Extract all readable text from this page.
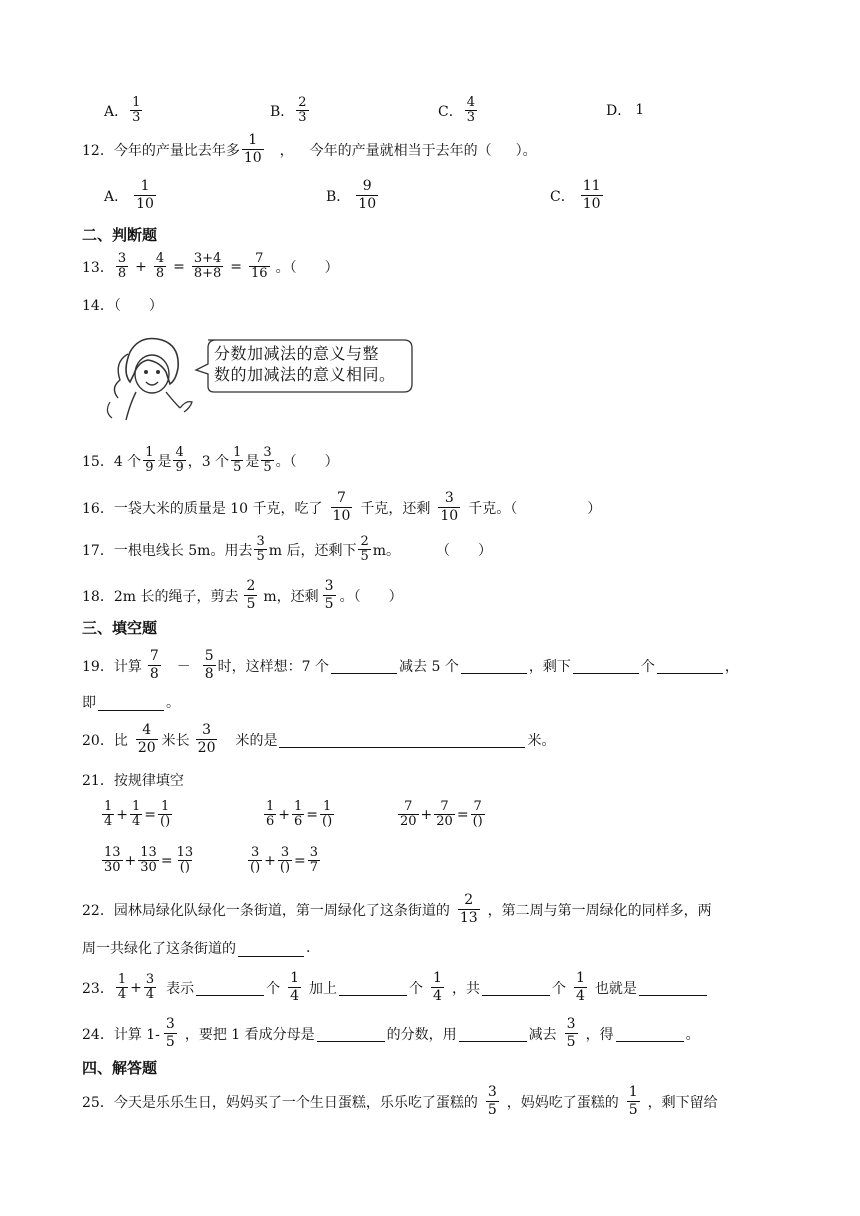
A． $\frac{1}{3}$	B． $\frac{2}{3}$	C． $\frac{4}{3}$	D． 1
12． 今年的产量比去年多 $\frac{1}{10}$ ， 今年的产量就相当于去年的（ ）。
A． $\frac{1}{10}$	B． $\frac{9}{10}$	C． $\frac{11}{10}$
二、判断题
13． $\frac{3}{8} + \frac{4}{8} = \frac{3+4}{8+8} = \frac{7}{16}$ 。（　　）
14．（　　）
分数加减法的意义与整
数的加减法的意义相同。
15． 4 个 $\frac{1}{9}$ 是 $\frac{4}{9}$ ，3 个 $\frac{1}{5}$ 是 $\frac{3}{5}$ 。（　　）
16． 一袋大米的质量是 10 千克，吃了 $\frac{7}{10}$ 千克，还剩 $\frac{3}{10}$ 千克。（　　　　　）
17． 一根电线长 5m。用去 $\frac{3}{5}$ m 后，还剩下 $\frac{2}{5}$ m。	（　　）
18． 2m 长的绳子，剪去 $\frac{2}{5}$ m，还剩 $\frac{3}{5}$ 。（　　）
三、填空题
19． 计算 $\frac{7}{8} - \frac{5}{8}$ 时，这样想：7 个	减去 5 个	，剩下	个	，
即	。
20． 比 $\frac{4}{20}$ 米长 $\frac{3}{20}$ 米的是	米。
21． 按规律填空
$\frac{1}{4} + \frac{1}{4} = 1$
()	$\frac{1}{6} + \frac{1}{6} = 1$
()	$\frac{7}{20} + \frac{7}{20} = 7$
()
$\frac{13}{30} + \frac{13}{30} = 13$
()
3
() + 3
() = $\frac{3}{7}$
22． 园林局绿化队绿化一条街道，第一周绿化了这条街道的 $\frac{2}{13}$ ，第二周与第一周绿化的同样多，两
周一共绿化了这条街道的	.
23． $\frac{1}{4} + \frac{3}{4}$ 表示	个 $\frac{1}{4}$ 加上	个 $\frac{1}{4}$ ，共	个 $\frac{1}{4}$ 也就是
24． 计算 $1- \frac{3}{5}$ ，要把 1 看成分母是	的分数，用	减去 $\frac{3}{5}$ ，得	。
四、解答题
25． 今天是乐乐生日，妈妈买了一个生日蛋糕，乐乐吃了蛋糕的 $\frac{3}{5}$ ，妈妈吃了蛋糕的 $\frac{1}{5}$ ，剩下留给
